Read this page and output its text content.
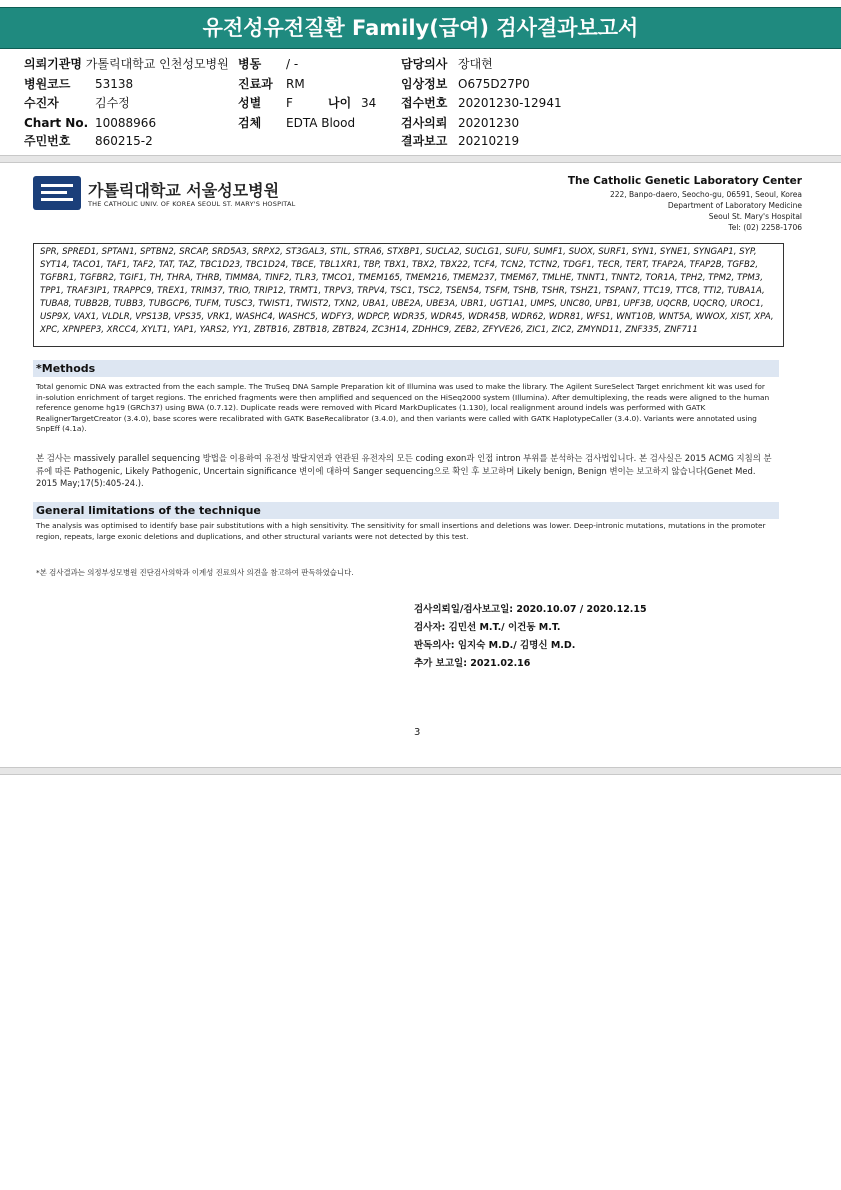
유전성유전질환 Family(급여) 검사결과보고서
의뢰기관명 가톨릭대학교 인천성모병원
병원코드 53138
수진자	김수정
Chart No. 10088966
주민번호 860215-2
병동 / -
진료과 RM
성별 F	나이 34
검체 EDTA Blood
담당의사 장대현
임상정보 O675D27P0
접수번호 20201230-12941
검사의뢰 20201230
결과보고 20210219
가톨릭대학교 서울성모병원
THE CATHOLIC UNIV. OF KOREA SEOUL ST. MARY'S HOSPITAL
The Catholic Genetic Laboratory Center
222, Banpo-daero, Seocho-gu, 06591, Seoul, Korea
Department of Laboratory Medicine
Seoul St. Mary's Hospital
Tel: (02) 2258-1706
SPR, SPRED1, SPTAN1, SPTBN2, SRCAP, SRD5A3, SRPX2, ST3GAL3, STIL, STRA6, STXBP1, SUCLA2, SUCLG1, SUFU, SUMF1, SUOX, SURF1, SYN1, SYNE1, SYNGAP1, SYP, SYT14, TACO1, TAF1, TAF2, TAT, TAZ, TBC1D23, TBC1D24, TBCE, TBL1XR1, TBP, TBX1, TBX2, TBX22, TCF4, TCN2, TCTN2, TDGF1, TECR, TERT, TFAP2A, TFAP2B, TGFB2, TGFBR1, TGFBR2, TGIF1, TH, THRA, THRB, TIMM8A, TINF2, TLR3, TMCO1, TMEM165, TMEM216, TMEM237, TMEM67, TMLHE, TNNT1, TNNT2, TOR1A, TPH2, TPM2, TPM3, TPP1, TRAF3IP1, TRAPPC9, TREX1, TRIM37, TRIO, TRIP12, TRMT1, TRPV3, TRPV4, TSC1, TSC2, TSEN54, TSFM, TSHB, TSHR, TSHZ1, TSPAN7, TTC19, TTC8, TTI2, TUBA1A, TUBA8, TUBB2B, TUBB3, TUBGCP6, TUFM, TUSC3, TWIST1, TWIST2, TXN2, UBA1, UBE2A, UBE3A, UBR1, UGT1A1, UMPS, UNC80, UPB1, UPF3B, UQCRB, UQCRQ, UROC1, USP9X, VAX1, VLDLR, VPS13B, VPS35, VRK1, WASHC4, WASHC5, WDFY3, WDPCP, WDR35, WDR45, WDR45B, WDR62, WDR81, WFS1, WNT10B, WNT5A, WWOX, XIST, XPA, XPC, XPNPEP3, XRCC4, XYLT1, YAP1, YARS2, YY1, ZBTB16, ZBTB18, ZBTB24, ZC3H14, ZDHHC9, ZEB2, ZFYVE26, ZIC1, ZIC2, ZMYND11, ZNF335, ZNF711
*Methods
Total genomic DNA was extracted from the each sample. The TruSeq DNA Sample Preparation kit of Illumina was used to make the library. The Agilent SureSelect Target enrichment kit was used for in-solution enrichment of target regions. The enriched fragments were then amplified and sequenced on the HiSeq2000 system (Illumina). After demultiplexing, the reads were aligned to the human reference genome hg19 (GRCh37) using BWA (0.7.12). Duplicate reads were removed with Picard MarkDuplicates (1.130), local realignment around indels was performed with GATK RealignerTargetCreator (3.4.0), base scores were recalibrated with GATK BaseRecalibrator (3.4.0), and then variants were called with GATK HaplotypeCaller (3.4.0). Variants were annotated using SnpEff (4.1a).
본 검사는 massively parallel sequencing 방법을 이용하여 유전성 발달지연과 연관된 유전자의 모든 coding exon과 인접 intron 부위를 분석하는 검사법입니다. 본 검사실은 2015 ACMG 지침의 분류에 따른 Pathogenic, Likely Pathogenic, Uncertain significance 변이에 대하여 Sanger sequencing으로 확인 후 보고하며 Likely benign, Benign 변이는 보고하지 않습니다(Genet Med. 2015 May;17(5):405-24.).
General limitations of the technique
The analysis was optimised to identify base pair substitutions with a high sensitivity. The sensitivity for small insertions and deletions was lower. Deep-intronic mutations, mutations in the promoter region, repeats, large exonic deletions and duplications, and other structural variants were not detected by this test.
*본 검사결과는 의정부성모병원 진단검사의학과 이계성 진료의사 의견을 참고하여 판독하였습니다.
검사의뢰일/검사보고일: 2020.10.07 / 2020.12.15
검사자: 김민선 M.T./ 이건동 M.T.
판독의사: 임지숙 M.D./ 김명신 M.D.
추가 보고일: 2021.02.16
3
